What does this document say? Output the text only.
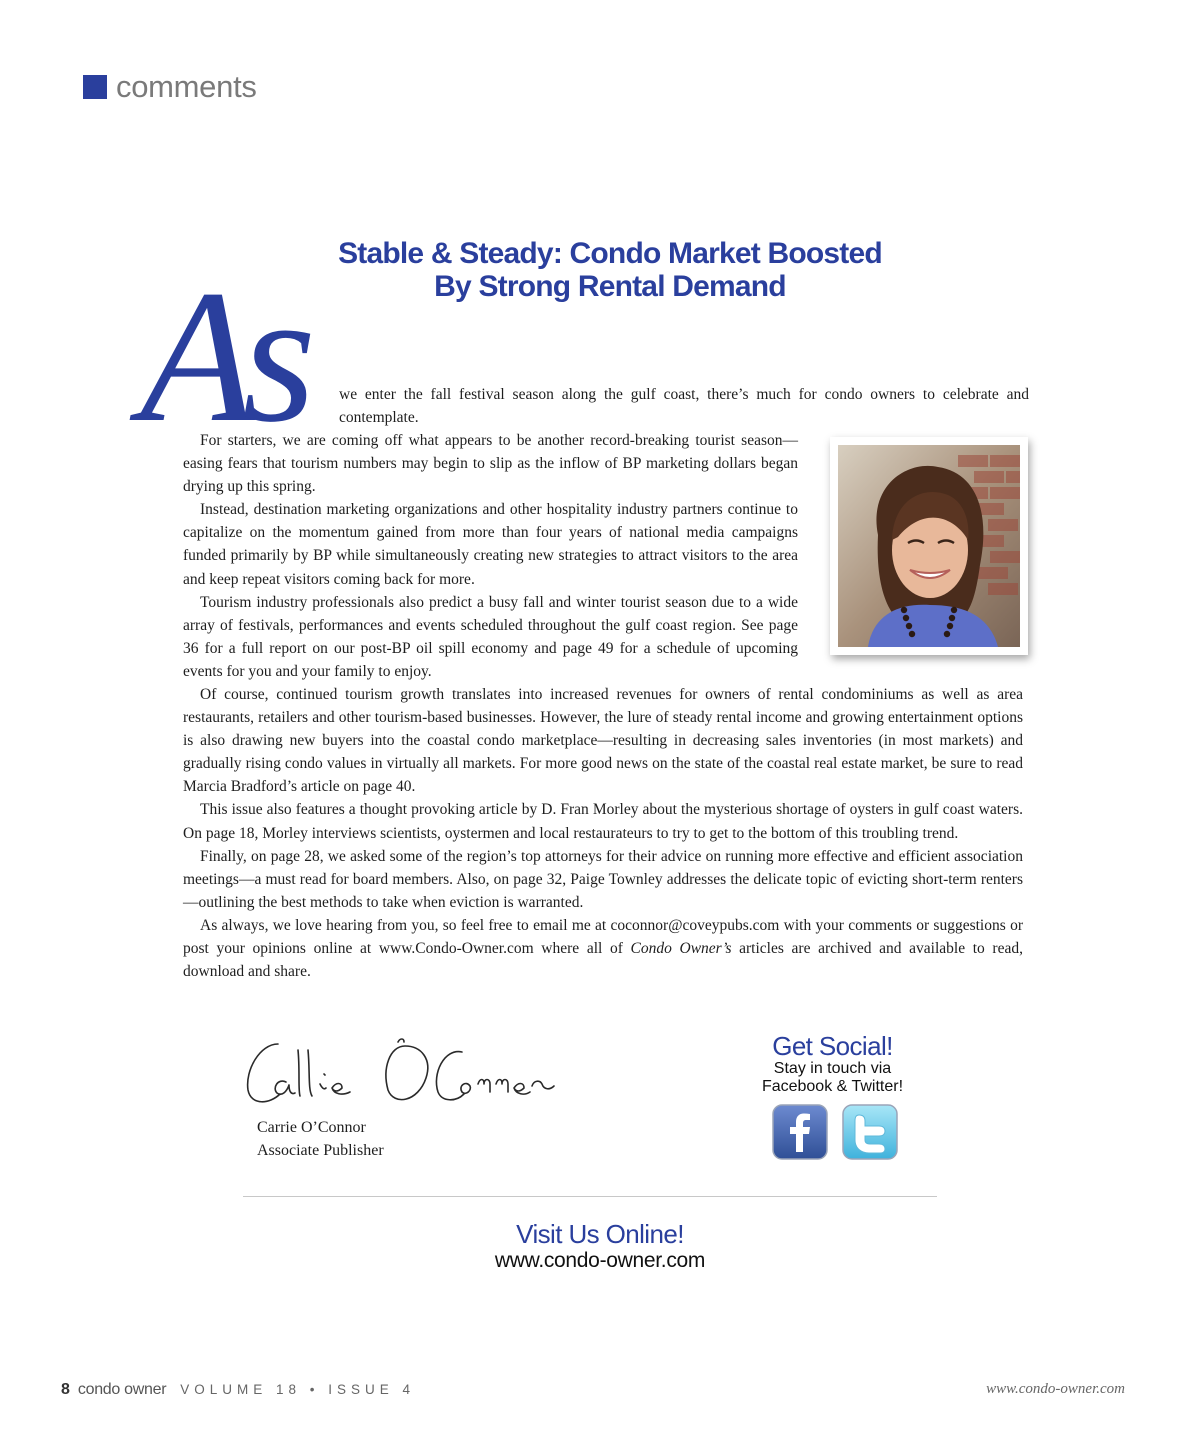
comments
Stable & Steady: Condo Market Boosted
By Strong Rental Demand
As we enter the fall festival season along the gulf coast, there’s much for condo owners to celebrate and contemplate.

For starters, we are coming off what appears to be another record-breaking tourist season—easing fears that tourism numbers may begin to slip as the inflow of BP marketing dollars began drying up this spring.

Instead, destination marketing organizations and other hospitality industry partners continue to capitalize on the momentum gained from more than four years of national media campaigns funded primarily by BP while simultaneously creating new strategies to attract visitors to the area and keep repeat visitors coming back for more.

Tourism industry professionals also predict a busy fall and winter tourist season due to a wide array of festivals, performances and events scheduled throughout the gulf coast region. See page 36 for a full report on our post-BP oil spill economy and page 49 for a schedule of upcoming events for you and your family to enjoy.

Of course, continued tourism growth translates into increased revenues for owners of rental condominiums as well as area restaurants, retailers and other tourism-based businesses. However, the lure of steady rental income and growing entertainment options is also drawing new buyers into the coastal condo marketplace—resulting in decreasing sales inventories (in most markets) and gradually rising condo values in virtually all markets. For more good news on the state of the coastal real estate market, be sure to read Marcia Bradford’s article on page 40.

This issue also features a thought provoking article by D. Fran Morley about the mysterious shortage of oysters in gulf coast waters. On page 18, Morley interviews scientists, oystermen and local restaurateurs to try to get to the bottom of this troubling trend.

Finally, on page 28, we asked some of the region’s top attorneys for their advice on running more effective and efficient association meetings—a must read for board members. Also, on page 32, Paige Townley addresses the delicate topic of evicting short-term renters—outlining the best methods to take when eviction is warranted.

As always, we love hearing from you, so feel free to email me at coconnor@coveypubs.com with your comments or suggestions or post your opinions online at www.Condo-Owner.com where all of Condo Owner’s articles are archived and available to read, download and share.

Carrie O’Connor
Associate Publisher
Get Social!
Stay in touch via
Facebook & Twitter!
Visit Us Online!
www.condo-owner.com
8 condo owner VOLUME 18 • ISSUE 4	www.condo-owner.com
